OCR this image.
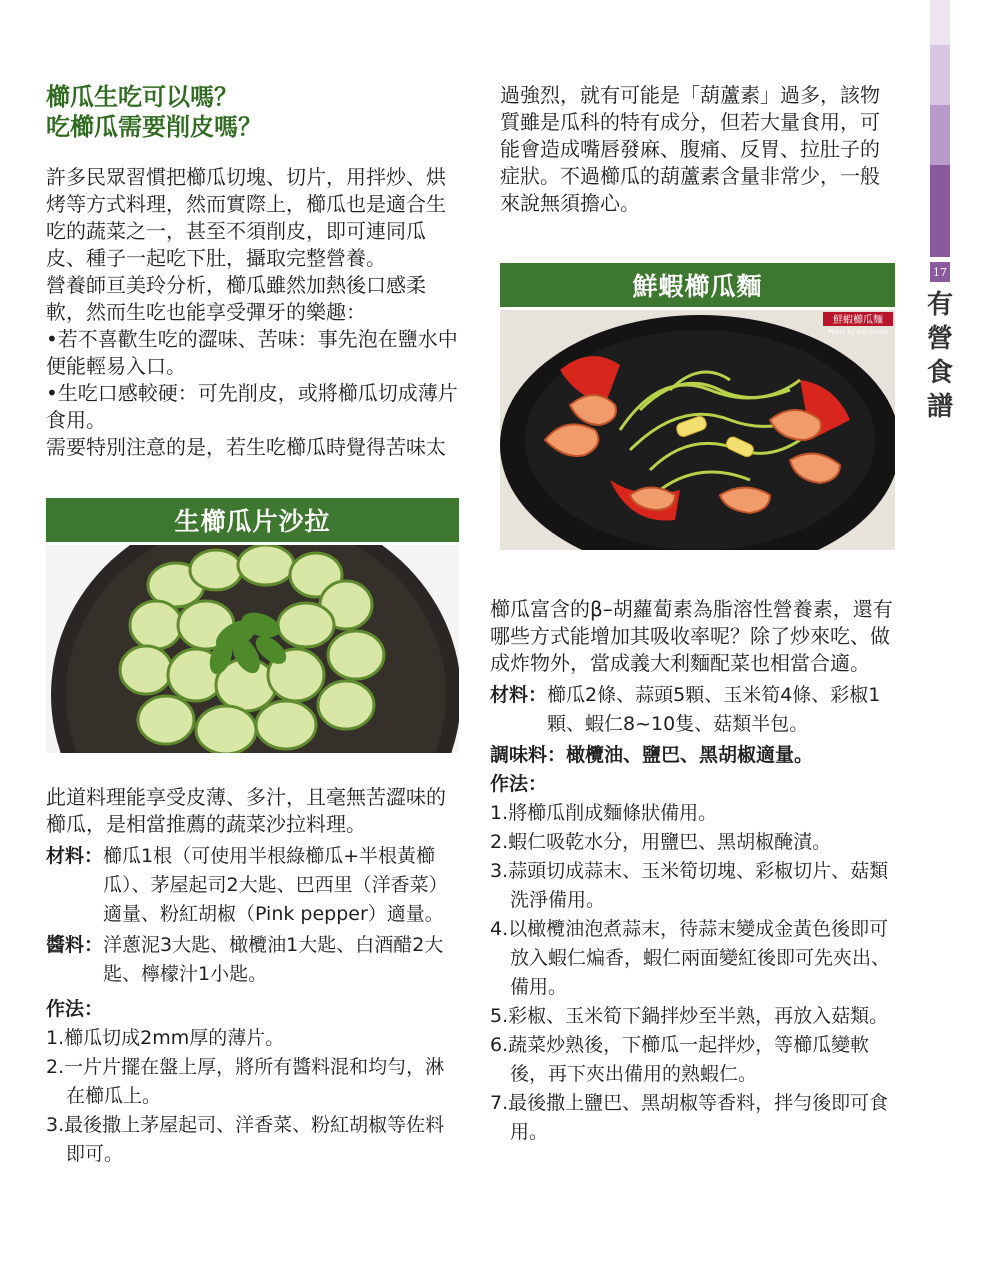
櫛瓜生吃可以嗎？

吃櫛瓜需要削皮嗎？

許多民眾習慣把櫛瓜切塊、切片，用拌炒、烘烤等方式料理，然而實際上，櫛瓜也是適合生吃的蔬菜之一，甚至不須削皮，即可連同瓜皮、種子一起吃下肚，攝取完整營養。

營養師亘美玲分析，櫛瓜雖然加熱後口感柔軟，然而生吃也能享受彈牙的樂趣：

•若不喜歡生吃的澀味、苦味：事先泡在鹽水中便能輕易入口。

•生吃口感較硬：可先削皮，或將櫛瓜切成薄片食用。

需要特別注意的是，若生吃櫛瓜時覺得苦味太

生櫛瓜片沙拉

此道料理能享受皮薄、多汁，且毫無苦澀味的櫛瓜，是相當推薦的蔬菜沙拉料理。

材料： 櫛瓜1根（可使用半根綠櫛瓜+半根黃櫛瓜）、茅屋起司2大匙、巴西里（洋香菜）適量、粉紅胡椒（Pink pepper）適量。
醬料： 洋蔥泥3大匙、橄欖油1大匙、白酒醋2大匙、檸檬汁1小匙。

作法：

1.櫛瓜切成2mm厚的薄片。

2.一片片擺在盤上厚，將所有醬料混和均勻，淋在櫛瓜上。

3.最後撒上茅屋起司、洋香菜、粉紅胡椒等佐料即可。

過強烈，就有可能是「葫蘆素」過多，該物質雖是瓜科的特有成分，但若大量食用，可能會造成嘴唇發麻、腹痛、反胃、拉肚子的症狀。不過櫛瓜的葫蘆素含量非常少，一般來說無須擔心。

鮮蝦櫛瓜麵
鮮蝦櫛瓜麵
Photo by Big-mouth

櫛瓜富含的β–胡蘿蔔素為脂溶性營養素，還有哪些方式能增加其吸收率呢？除了炒來吃、做成炸物外，當成義大利麵配菜也相當合適。

材料： 櫛瓜2條、蒜頭5顆、玉米筍4條、彩椒1顆、蝦仁8~10隻、菇類半包。
調味料： 橄欖油、鹽巴、黑胡椒適量。

作法：

1.將櫛瓜削成麵條狀備用。

2.蝦仁吸乾水分，用鹽巴、黑胡椒醃漬。

3.蒜頭切成蒜末、玉米筍切塊、彩椒切片、菇類洗淨備用。

4.以橄欖油泡煮蒜末，待蒜末變成金黃色後即可放入蝦仁煸香，蝦仁兩面變紅後即可先夾出、備用。

5.彩椒、玉米筍下鍋拌炒至半熟，再放入菇類。

6.蔬菜炒熟後，下櫛瓜一起拌炒，等櫛瓜變軟後，再下夾出備用的熟蝦仁。

7.最後撒上鹽巴、黑胡椒等香料，拌勻後即可食用。

17
有營食譜
